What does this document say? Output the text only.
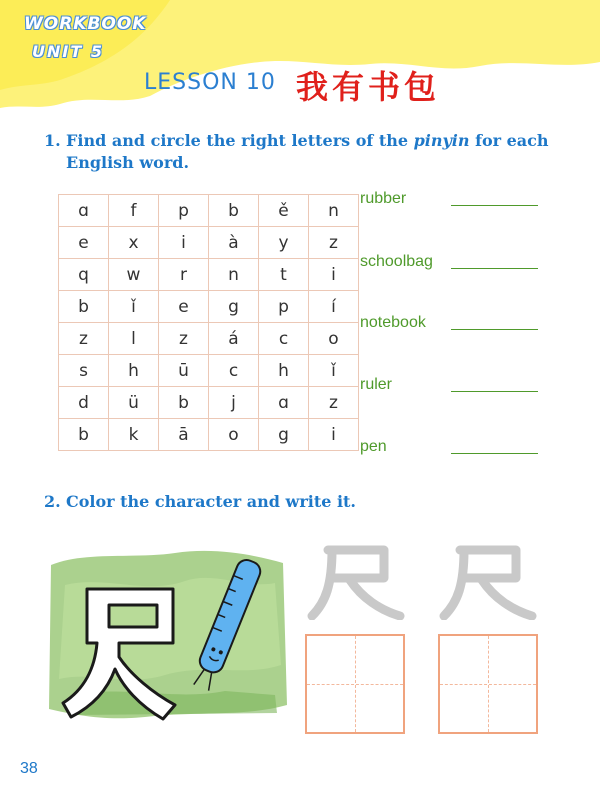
WORKBOOK
UNIT 5
LESSON 10 我有书包
1. Find and circle the right letters of the pinyin for each
English word.
ɑ	f	p	b	ě	n
e	x	i	à	y	z
q	w	r	n	t	i
b	ǐ	e	g	p	í
z	l	z	á	c	o
s	h	ū	c	h	ǐ
d	ü	b	j	ɑ	z
b	k	ā	o	g	i
rubber
schoolbag
notebook
ruler
pen
2. Color the character and write it.
38
